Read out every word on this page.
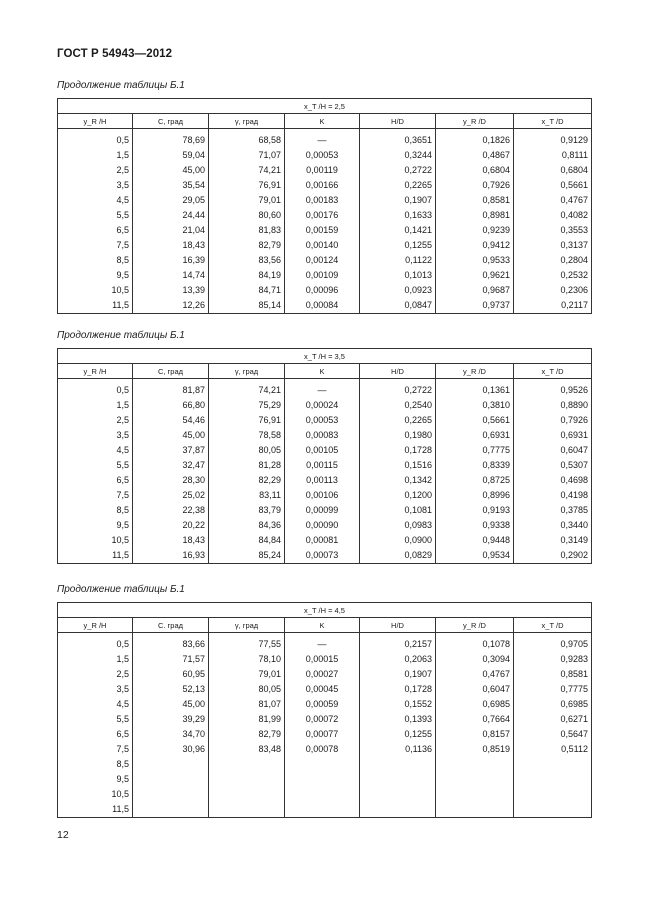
ГОСТ Р 54943—2012
Продолжение таблицы Б.1
x_T /H = 2,5						
y_R /H	C, град	γ, град	K	H/D	y_R /D	x_T /D
0,5	78,69	68,58	—	0,3651	0,1826	0,9129
1,5	59,04	71,07	0,00053	0,3244	0,4867	0,8111
2,5	45,00	74,21	0,00119	0,2722	0,6804	0,6804
3,5	35,54	76,91	0,00166	0,2265	0,7926	0,5661
4,5	29,05	79,01	0,00183	0,1907	0,8581	0,4767
5,5	24,44	80,60	0,00176	0,1633	0,8981	0,4082
6,5	21,04	81,83	0,00159	0,1421	0,9239	0,3553
7,5	18,43	82,79	0,00140	0,1255	0,9412	0,3137
8,5	16,39	83,56	0,00124	0,1122	0,9533	0,2804
9,5	14,74	84,19	0,00109	0,1013	0,9621	0,2532
10,5	13,39	84,71	0,00096	0,0923	0,9687	0,2306
11,5	12,26	85,14	0,00084	0,0847	0,9737	0,2117
Продолжение таблицы Б.1
x_T /H = 3,5						
y_R /H	C, град	γ, град	K	H/D	y_R /D	x_T /D
0,5	81,87	74,21	—	0,2722	0,1361	0,9526
1,5	66,80	75,29	0,00024	0,2540	0,3810	0,8890
2,5	54,46	76,91	0,00053	0,2265	0,5661	0,7926
3,5	45,00	78,58	0,00083	0,1980	0,6931	0,6931
4,5	37,87	80,05	0,00105	0,1728	0,7775	0,6047
5,5	32,47	81,28	0,00115	0,1516	0,8339	0,5307
6,5	28,30	82,29	0,00113	0,1342	0,8725	0,4698
7,5	25,02	83,11	0,00106	0,1200	0,8996	0,4198
8,5	22,38	83,79	0,00099	0,1081	0,9193	0,3785
9,5	20,22	84,36	0,00090	0,0983	0,9338	0,3440
10,5	18,43	84,84	0,00081	0,0900	0,9448	0,3149
11,5	16,93	85,24	0,00073	0,0829	0,9534	0,2902
Продолжение таблицы Б.1
x_T /H = 4,5						
y_R /H	C. град	γ, град	K	H/D	y_R /D	x_T /D
0,5	83,66	77,55	—	0,2157	0,1078	0,9705
1,5	71,57	78,10	0,00015	0,2063	0,3094	0,9283
2,5	60,95	79,01	0,00027	0,1907	0,4767	0,8581
3,5	52,13	80,05	0,00045	0,1728	0,6047	0,7775
4,5	45,00	81,07	0,00059	0,1552	0,6985	0,6985
5,5	39,29	81,99	0,00072	0,1393	0,7664	0,6271
6,5	34,70	82,79	0,00077	0,1255	0,8157	0,5647
7,5	30,96	83,48	0,00078	0,1136	0,8519	0,5112
8,5						
9,5						
10,5						
11,5						
12
